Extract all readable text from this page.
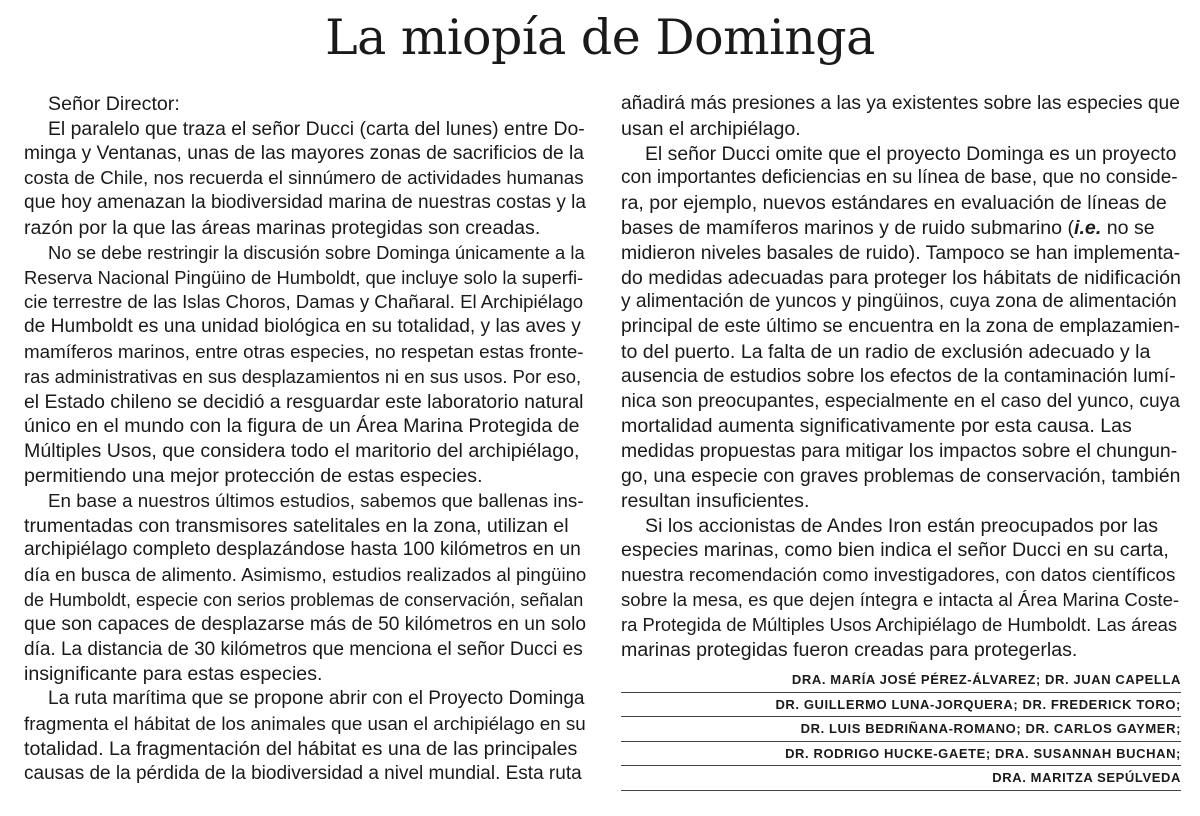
La miopía de Dominga
Señor Director:
El paralelo que traza el señor Ducci (carta del lunes) entre Do-
minga y Ventanas, unas de las mayores zonas de sacrificios de la
costa de Chile, nos recuerda el sinnúmero de actividades humanas
que hoy amenazan la biodiversidad marina de nuestras costas y la
razón por la que las áreas marinas protegidas son creadas.
No se debe restringir la discusión sobre Dominga únicamente a la
Reserva Nacional Pingüino de Humboldt, que incluye solo la superfi-
cie terrestre de las Islas Choros, Damas y Chañaral. El Archipiélago
de Humboldt es una unidad biológica en su totalidad, y las aves y
mamíferos marinos, entre otras especies, no respetan estas fronte-
ras administrativas en sus desplazamientos ni en sus usos. Por eso,
el Estado chileno se decidió a resguardar este laboratorio natural
único en el mundo con la figura de un Área Marina Protegida de
Múltiples Usos, que considera todo el maritorio del archipiélago,
permitiendo una mejor protección de estas especies.
En base a nuestros últimos estudios, sabemos que ballenas ins-
trumentadas con transmisores satelitales en la zona, utilizan el
archipiélago completo desplazándose hasta 100 kilómetros en un
día en busca de alimento. Asimismo, estudios realizados al pingüino
de Humboldt, especie con serios problemas de conservación, señalan
que son capaces de desplazarse más de 50 kilómetros en un solo
día. La distancia de 30 kilómetros que menciona el señor Ducci es
insignificante para estas especies.
La ruta marítima que se propone abrir con el Proyecto Dominga
fragmenta el hábitat de los animales que usan el archipiélago en su
totalidad. La fragmentación del hábitat es una de las principales
causas de la pérdida de la biodiversidad a nivel mundial. Esta ruta
añadirá más presiones a las ya existentes sobre las especies que
usan el archipiélago.
El señor Ducci omite que el proyecto Dominga es un proyecto
con importantes deficiencias en su línea de base, que no conside-
ra, por ejemplo, nuevos estándares en evaluación de líneas de
bases de mamíferos marinos y de ruido submarino (i.e. no se
midieron niveles basales de ruido). Tampoco se han implementa-
do medidas adecuadas para proteger los hábitats de nidificación
y alimentación de yuncos y pingüinos, cuya zona de alimentación
principal de este último se encuentra en la zona de emplazamien-
to del puerto. La falta de un radio de exclusión adecuado y la
ausencia de estudios sobre los efectos de la contaminación lumí-
nica son preocupantes, especialmente en el caso del yunco, cuya
mortalidad aumenta significativamente por esta causa. Las
medidas propuestas para mitigar los impactos sobre el chungun-
go, una especie con graves problemas de conservación, también
resultan insuficientes.
Si los accionistas de Andes Iron están preocupados por las
especies marinas, como bien indica el señor Ducci en su carta,
nuestra recomendación como investigadores, con datos científicos
sobre la mesa, es que dejen íntegra e intacta al Área Marina Coste-
ra Protegida de Múltiples Usos Archipiélago de Humboldt. Las áreas
marinas protegidas fueron creadas para protegerlas.
DRA. MARÍA JOSÉ PÉREZ-ÁLVAREZ; DR. JUAN CAPELLA
DR. GUILLERMO LUNA-JORQUERA; DR. FREDERICK TORO;
DR. LUIS BEDRIÑANA-ROMANO; DR. CARLOS GAYMER;
DR. RODRIGO HUCKE-GAETE; DRA. SUSANNAH BUCHAN;
DRA. MARITZA SEPÚLVEDA
